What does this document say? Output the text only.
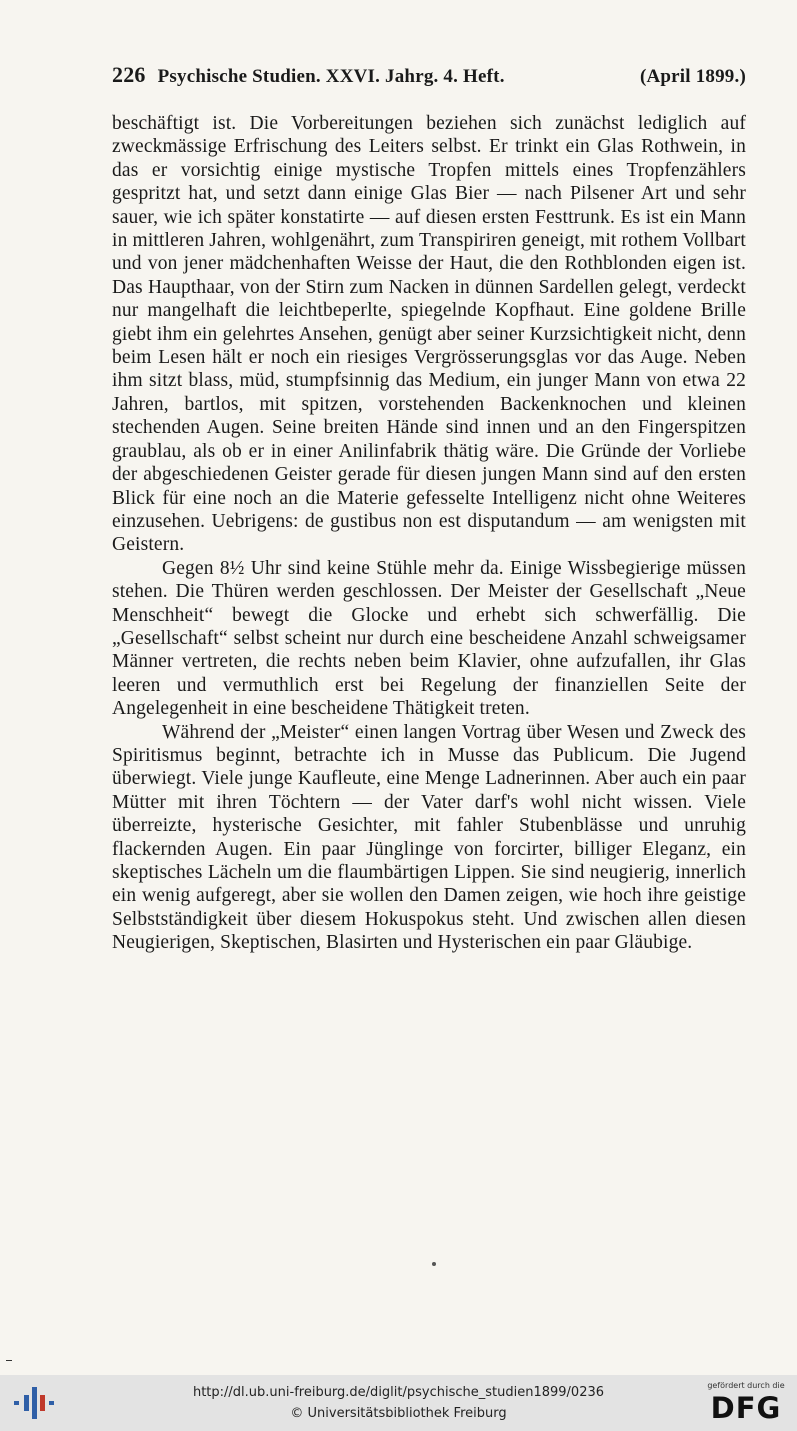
226 Psychische Studien. XXVI. Jahrg. 4. Heft.	(April 1899.)

beschäftigt ist. Die Vorbereitungen beziehen sich zunächst lediglich auf zweckmässige Erfrischung des Leiters selbst. Er trinkt ein Glas Rothwein, in das er vorsichtig einige mystische Tropfen mittels eines Tropfenzählers gespritzt hat, und setzt dann einige Glas Bier — nach Pilsener Art und sehr sauer, wie ich später konstatirte — auf diesen ersten Festtrunk. Es ist ein Mann in mittleren Jahren, wohlgenährt, zum Transpiriren geneigt, mit rothem Vollbart und von jener mädchenhaften Weisse der Haut, die den Rothblonden eigen ist. Das Haupthaar, von der Stirn zum Nacken in dünnen Sardellen gelegt, verdeckt nur mangelhaft die leichtbeperlte, spiegelnde Kopfhaut. Eine goldene Brille giebt ihm ein gelehrtes Ansehen, genügt aber seiner Kurzsichtigkeit nicht, denn beim Lesen hält er noch ein riesiges Vergrösserungsglas vor das Auge. Neben ihm sitzt blass, müd, stumpfsinnig das Medium, ein junger Mann von etwa 22 Jahren, bartlos, mit spitzen, vorstehenden Backenknochen und kleinen stechenden Augen. Seine breiten Hände sind innen und an den Fingerspitzen graublau, als ob er in einer Anilinfabrik thätig wäre. Die Gründe der Vorliebe der abgeschiedenen Geister gerade für diesen jungen Mann sind auf den ersten Blick für eine noch an die Materie gefesselte Intelligenz nicht ohne Weiteres einzusehen. Uebrigens: de gustibus non est disputandum — am wenigsten mit Geistern.

Gegen 8½ Uhr sind keine Stühle mehr da. Einige Wissbegierige müssen stehen. Die Thüren werden geschlossen. Der Meister der Gesellschaft „Neue Menschheit“ bewegt die Glocke und erhebt sich schwerfällig. Die „Gesellschaft“ selbst scheint nur durch eine bescheidene Anzahl schweigsamer Männer vertreten, die rechts neben beim Klavier, ohne aufzufallen, ihr Glas leeren und vermuthlich erst bei Regelung der finanziellen Seite der Angelegenheit in eine bescheidene Thätigkeit treten.

Während der „Meister“ einen langen Vortrag über Wesen und Zweck des Spiritismus beginnt, betrachte ich in Musse das Publicum. Die Jugend überwiegt. Viele junge Kaufleute, eine Menge Ladnerinnen. Aber auch ein paar Mütter mit ihren Töchtern — der Vater darf's wohl nicht wissen. Viele überreizte, hysterische Gesichter, mit fahler Stubenblässe und unruhig flackernden Augen. Ein paar Jünglinge von forcirter, billiger Eleganz, ein skeptisches Lächeln um die flaumbärtigen Lippen. Sie sind neugierig, innerlich ein wenig aufgeregt, aber sie wollen den Damen zeigen, wie hoch ihre geistige Selbstständigkeit über diesem Hokuspokus steht. Und zwischen allen diesen Neugierigen, Skeptischen, Blasirten und Hysterischen ein paar Gläubige.

http://dl.ub.uni-freiburg.de/diglit/psychische_studien1899/0236
© Universitätsbibliothek Freiburg
gefördert durch die
DFG
